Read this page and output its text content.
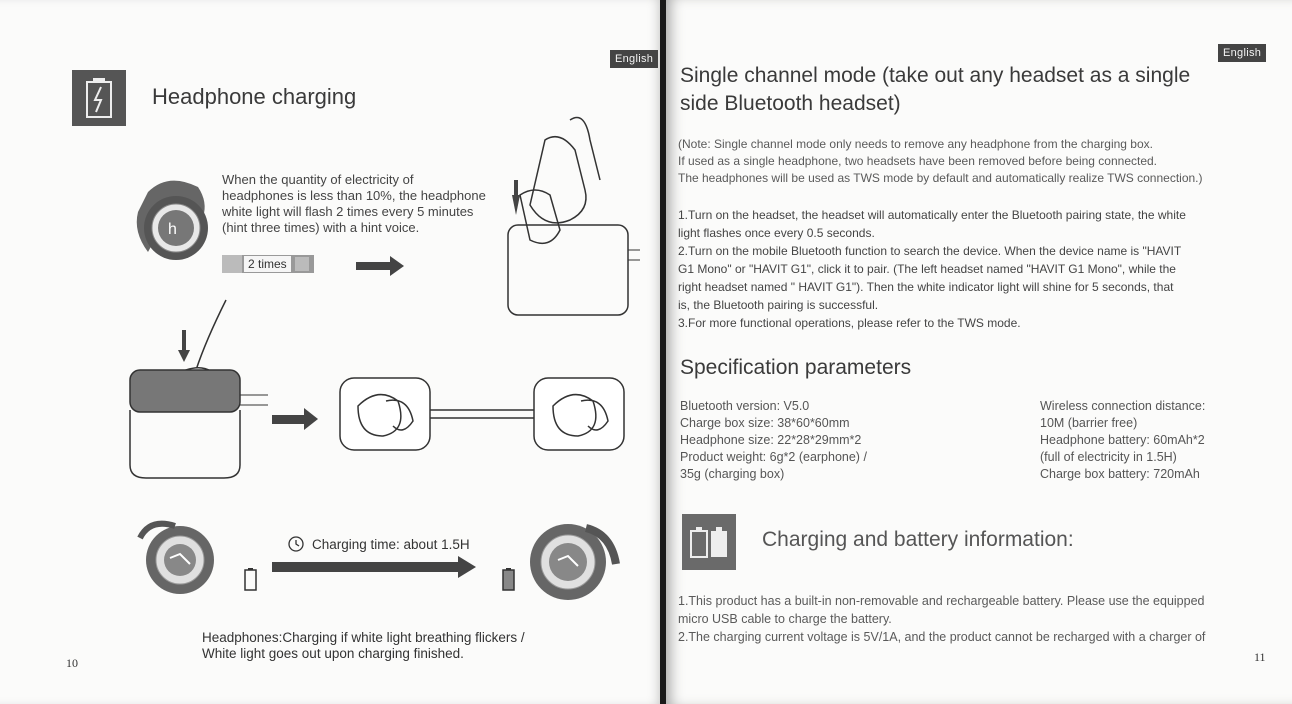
English
Headphone charging
h
When the quantity of electricity of
headphones is less than 10%, the headphone
white light will flash 2 times every 5 minutes
(hint three times) with a hint voice.
2 times
Charging time: about 1.5H
Headphones:Charging if white light breathing flickers /
White light goes out upon charging finished.
10
English
Single channel mode (take out any headset as a single
side Bluetooth headset)
(Note: Single channel mode only needs to remove any headphone from the charging box.
If used as a single headphone, two headsets have been removed before being connected.
The headphones will be used as TWS mode by default and automatically realize TWS connection.)
1.Turn on the headset, the headset will automatically enter the Bluetooth pairing state, the white
light flashes once every 0.5 seconds.
2.Turn on the mobile Bluetooth function to search the device. When the device name is "HAVIT
G1 Mono" or "HAVIT G1", click it to pair. (The left headset named "HAVIT G1 Mono", while the
right headset named " HAVIT G1"). Then the white indicator light will shine for 5 seconds, that
is, the Bluetooth pairing is successful.
3.For more functional operations, please refer to the TWS mode.
Specification parameters

Bluetooth version: V5.0

Charge box size: 38*60*60mm

Headphone size: 22*28*29mm*2

Product weight: 6g*2 (earphone) /

35g (charging box)

Wireless connection distance:

10M (barrier free)

Headphone battery: 60mAh*2

(full of electricity in 1.5H)

Charge box battery: 720mAh

Charging and battery information:
1.This product has a built-in non-removable and rechargeable battery. Please use the equipped
micro USB cable to charge the battery.
2.The charging current voltage is 5V/1A, and the product cannot be recharged with a charger of
11
